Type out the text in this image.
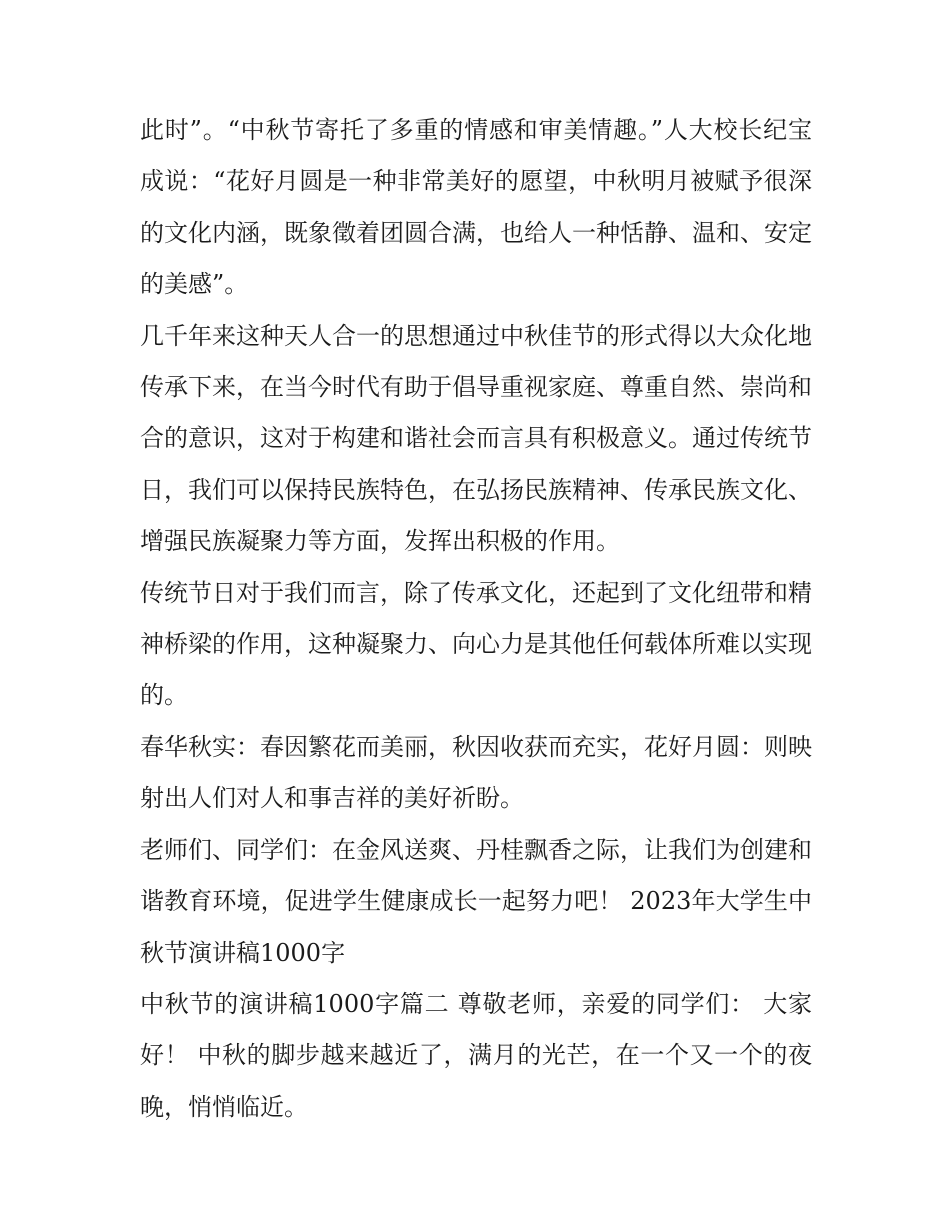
此时”。“中秋节寄托了多重的情感和审美情趣。”人大校长纪宝成说：“花好月圆是一种非常美好的愿望，中秋明月被赋予很深的文化内涵，既象徵着团圆合满，也给人一种恬静、温和、安定的美感”。

几千年来这种天人合一的思想通过中秋佳节的形式得以大众化地传承下来，在当今时代有助于倡导重视家庭、尊重自然、崇尚和合的意识，这对于构建和谐社会而言具有积极意义。通过传统节日，我们可以保持民族特色，在弘扬民族精神、传承民族文化、增强民族凝聚力等方面，发挥出积极的作用。

传统节日对于我们而言，除了传承文化，还起到了文化纽带和精神桥梁的作用，这种凝聚力、向心力是其他任何载体所难以实现的。

春华秋实：春因繁花而美丽，秋因收获而充实，花好月圆：则映射出人们对人和事吉祥的美好祈盼。

老师们、同学们：在金风送爽、丹桂飘香之际，让我们为创建和谐教育环境，促进学生健康成长一起努力吧！ 2023年大学生中秋节演讲稿1000字

中秋节的演讲稿1000字篇二 尊敬老师，亲爱的同学们： 大家好！ 中秋的脚步越来越近了，满月的光芒，在一个又一个的夜晚，悄悄临近。
